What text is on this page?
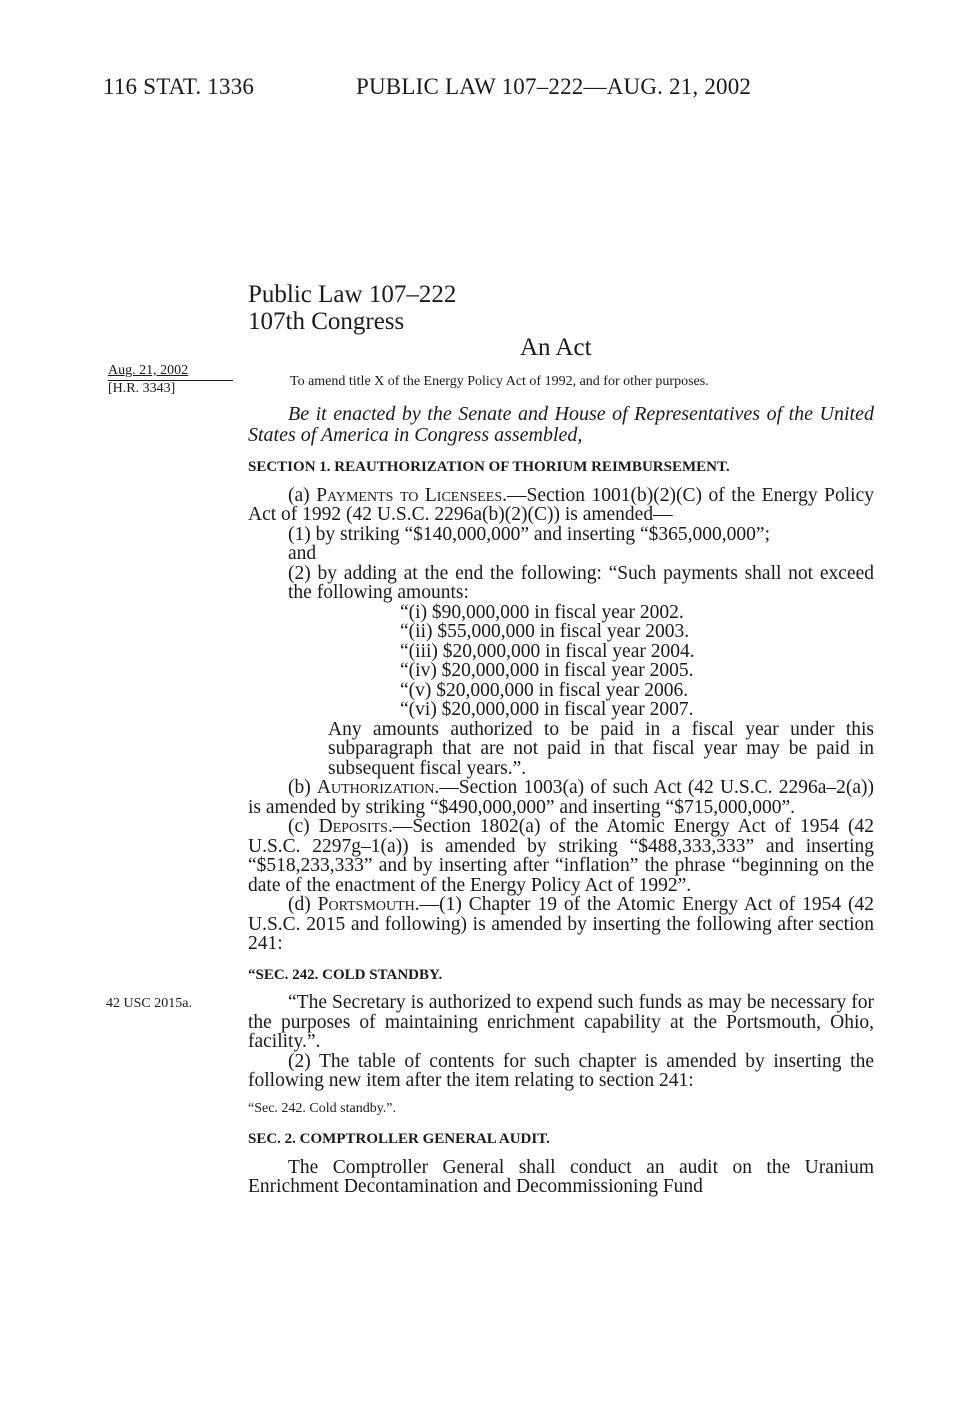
116 STAT. 1336	PUBLIC LAW 107–222—AUG. 21, 2002
Public Law 107–222
107th Congress
An Act
Aug. 21, 2002
[H.R. 3343]
42 USC 2015a.
To amend title X of the Energy Policy Act of 1992, and for other purposes.

Be it enacted by the Senate and House of Representatives of the United States of America in Congress assembled,

SECTION 1. REAUTHORIZATION OF THORIUM REIMBURSEMENT.

(a) Payments to Licensees.—Section 1001(b)(2)(C) of the Energy Policy Act of 1992 (42 U.S.C. 2296a(b)(2)(C)) is amended—

(1) by striking “$140,000,000” and inserting “$365,000,000”;

and

(2) by adding at the end the following: “Such payments shall not exceed the following amounts:

“(i) $90,000,000 in fiscal year 2002.

“(ii) $55,000,000 in fiscal year 2003.

“(iii) $20,000,000 in fiscal year 2004.

“(iv) $20,000,000 in fiscal year 2005.

“(v) $20,000,000 in fiscal year 2006.

“(vi) $20,000,000 in fiscal year 2007.

Any amounts authorized to be paid in a fiscal year under this subparagraph that are not paid in that fiscal year may be paid in subsequent fiscal years.”.

(b) Authorization.—Section 1003(a) of such Act (42 U.S.C. 2296a–2(a)) is amended by striking “$490,000,000” and inserting “$715,000,000”.

(c) Deposits.—Section 1802(a) of the Atomic Energy Act of 1954 (42 U.S.C. 2297g–1(a)) is amended by striking “$488,333,333” and inserting “$518,233,333” and by inserting after “inflation” the phrase “beginning on the date of the enactment of the Energy Policy Act of 1992”.

(d) Portsmouth.—(1) Chapter 19 of the Atomic Energy Act of 1954 (42 U.S.C. 2015 and following) is amended by inserting the following after section 241:

“SEC. 242. COLD STANDBY.

“The Secretary is authorized to expend such funds as may be necessary for the purposes of maintaining enrichment capability at the Portsmouth, Ohio, facility.”.

(2) The table of contents for such chapter is amended by inserting the following new item after the item relating to section 241:

“Sec. 242. Cold standby.”.

SEC. 2. COMPTROLLER GENERAL AUDIT.

The Comptroller General shall conduct an audit on the Uranium Enrichment Decontamination and Decommissioning Fund
